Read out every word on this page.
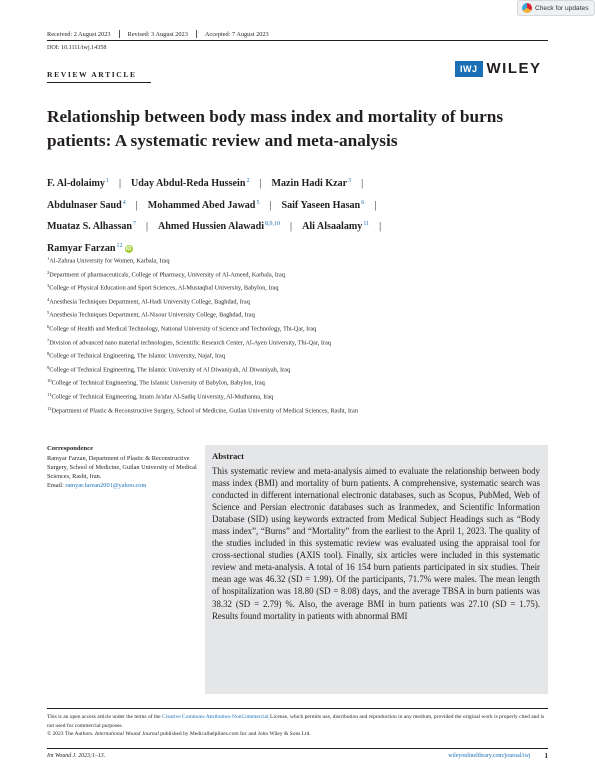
Check for updates
Received: 2 August 2023	Revised: 3 August 2023	Accepted: 7 August 2023
DOI: 10.1111/iwj.14358
REVIEW ARTICLE
IWJ WILEY
Relationship between body mass index and mortality of burns patients: A systematic review and meta-analysis
F. Al-dolaimy$^1$ | Uday Abdul-Reda Hussein$^2$ | Mazin Hadi Kzar$^3$ |
Abdulnaser Saud$^4$ | Mohammed Abed Jawad$^5$ | Saif Yaseen Hasan$^6$ |
Muataz S. Alhassan$^7$ | Ahmed Hussien Alawadi$^{8,9,10}$ | Ali Alsaalamy$^{11}$ |
Ramyar Farzan$^{12}$ iD
$^1$Al-Zahraa University for Women, Karbala, Iraq
$^2$Department of pharmaceuticals, College of Pharmacy, University of Al-Ameed, Karbala, Iraq
$^3$College of Physical Education and Sport Sciences, Al-Mustaqbal University, Babylon, Iraq
$^4$Anesthesia Techniques Department, Al-Hadi University College, Baghdad, Iraq
$^5$Anesthesia Techniques Department, Al-Nisour University College, Baghdad, Iraq
$^6$College of Health and Medical Technology, National University of Science and Technology, Thi-Qar, Iraq
$^7$Division of advanced nano material technologies, Scientific Research Center, Al-Ayen University, Thi-Qar, Iraq
$^8$College of Technical Engineering, The Islamic University, Najaf, Iraq
$^9$College of Technical Engineering, The Islamic University of Al Diwaniyah, Al Diwaniyah, Iraq
$^{10}$College of Technical Engineering, The Islamic University of Babylon, Babylon, Iraq
$^{11}$College of Technical Engineering, Imam Ja'afar Al-Sadiq University, Al-Muthanna, Iraq
$^{12}$Department of Plastic & Reconstructive Surgery, School of Medicine, Guilan University of Medical Sciences, Rasht, Iran
Correspondence
Ramyar Farzan, Department of Plastic & Reconstructive Surgery, School of Medicine, Guilan University of Medical Sciences, Rasht, Iran.
Email: ramyar.farzan2001@yahoo.com
Abstract
This systematic review and meta-analysis aimed to evaluate the relationship between body mass index (BMI) and mortality of burn patients. A comprehensive, systematic search was conducted in different international electronic databases, such as Scopus, PubMed, Web of Science and Persian electronic databases such as Iranmedex, and Scientific Information Database (SID) using keywords extracted from Medical Subject Headings such as “Body mass index”, “Burns” and “Mortality” from the earliest to the April 1, 2023. The quality of the studies included in this systematic review was evaluated using the appraisal tool for cross-sectional studies (AXIS tool). Finally, six articles were included in this systematic review and meta-analysis. A total of 16 154 burn patients participated in six studies. Their mean age was 46.32 (SD = 1.99). Of the participants, 71.7% were males. The mean length of hospitalization was 18.80 (SD = 8.08) days, and the average TBSA in burn patients was 38.32 (SD = 2.79) %. Also, the average BMI in burn patients was 27.10 (SD = 1.75). Results found mortality in patients with abnormal BMI
This is an open access article under the terms of the Creative Commons Attribution-NonCommercial License, which permits use, distribution and reproduction in any medium, provided the original work is properly cited and is not used for commercial purposes.
© 2023 The Authors. International Wound Journal published by Medicalhelplines.com Inc and John Wiley & Sons Ltd.
Int Wound J. 2023;1–13.	wileyonlinelibrary.com/journal/iwj 1
